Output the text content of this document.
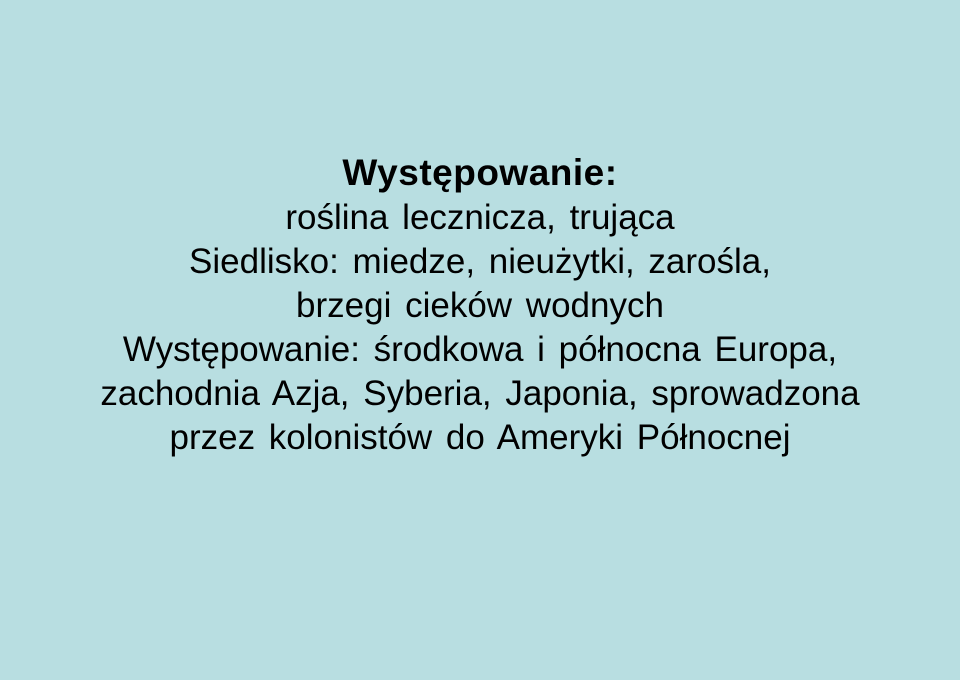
Występowanie:
roślina lecznicza, trująca
Siedlisko: miedze, nieużytki, zarośla,
brzegi cieków wodnych
Występowanie: środkowa i północna Europa,
zachodnia Azja, Syberia, Japonia, sprowadzona
przez kolonistów do Ameryki Północnej
